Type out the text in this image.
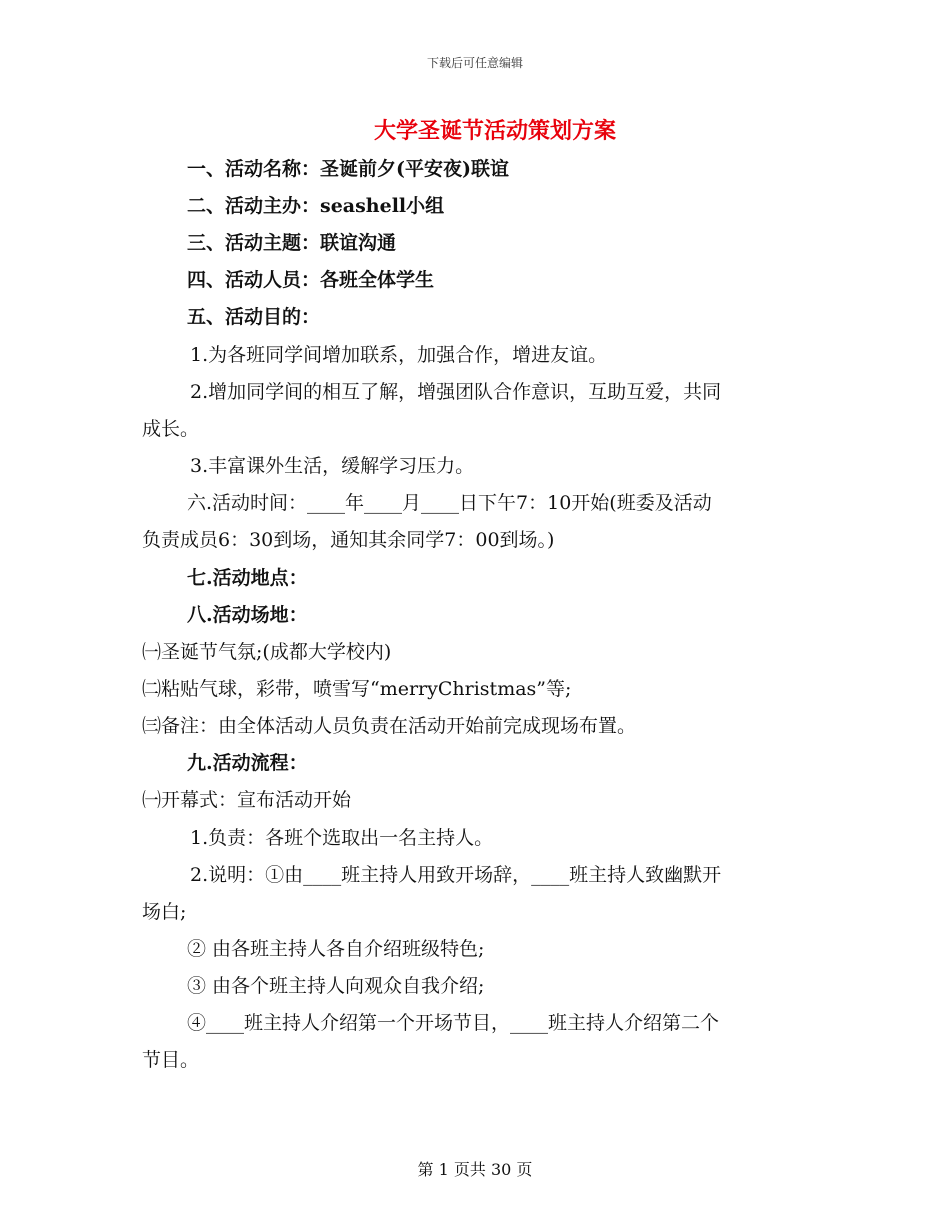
下载后可任意编辑
大学圣诞节活动策划方案
一、活动名称：圣诞前夕(平安夜)联谊
二、活动主办：seashell小组
三、活动主题：联谊沟通
四、活动人员：各班全体学生
五、活动目的：
1.为各班同学间增加联系，加强合作，增进友谊。
2.增加同学间的相互了解，增强团队合作意识，互助互爱，共同
成长。
3.丰富课外生活，缓解学习压力。
六.活动时间：____年____月____日下午7：10开始(班委及活动
负责成员6：30到场，通知其余同学7：00到场。)
七.活动地点：
八.活动场地：
㈠圣诞节气氛;(成都大学校内)
㈡粘贴气球，彩带，喷雪写“merryChristmas”等;
㈢备注：由全体活动人员负责在活动开始前完成现场布置。
九.活动流程：
㈠开幕式：宣布活动开始
1.负责：各班个选取出一名主持人。
2.说明：①由____班主持人用致开场辞，____班主持人致幽默开
场白;
② 由各班主持人各自介绍班级特色;
③ 由各个班主持人向观众自我介绍;
④____班主持人介绍第一个开场节目，____班主持人介绍第二个
节目。
第 1 页共 30 页
